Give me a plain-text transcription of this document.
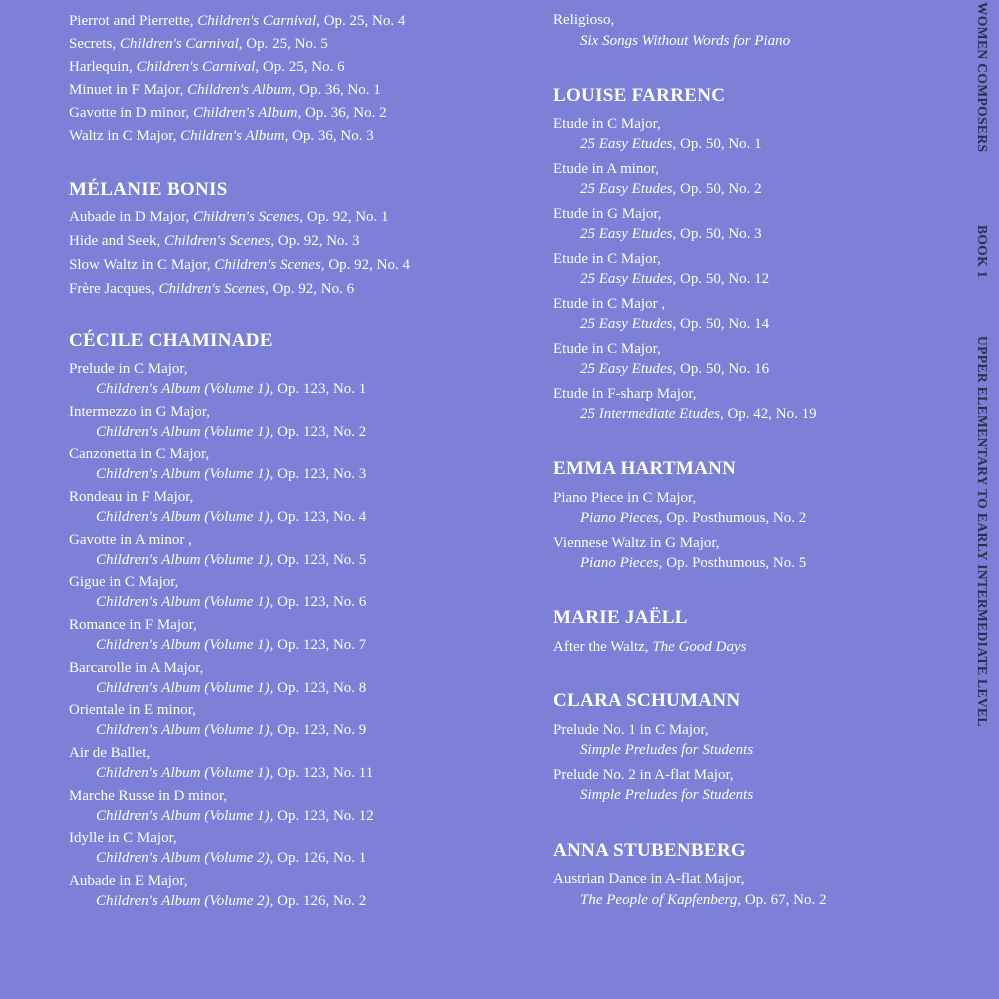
Pierrot and Pierrette, Children's Carnival, Op. 25, No. 4
Secrets, Children's Carnival, Op. 25, No. 5
Harlequin, Children's Carnival, Op. 25, No. 6
Minuet in F Major, Children's Album, Op. 36, No. 1
Gavotte in D minor, Children's Album, Op. 36, No. 2
Waltz in C Major, Children's Album, Op. 36, No. 3
MÉLANIE BONIS
Aubade in D Major, Children's Scenes, Op. 92, No. 1
Hide and Seek, Children's Scenes, Op. 92, No. 3
Slow Waltz in C Major, Children's Scenes, Op. 92, No. 4
Frère Jacques, Children's Scenes, Op. 92, No. 6
CÉCILE CHAMINADE
Prelude in C Major,
Children's Album (Volume 1), Op. 123, No. 1
Intermezzo in G Major,
Children's Album (Volume 1), Op. 123, No. 2
Canzonetta in C Major,
Children's Album (Volume 1), Op. 123, No. 3
Rondeau in F Major,
Children's Album (Volume 1), Op. 123, No. 4
Gavotte in A minor ,
Children's Album (Volume 1), Op. 123, No. 5
Gigue in C Major,
Children's Album (Volume 1), Op. 123, No. 6
Romance in F Major,
Children's Album (Volume 1), Op. 123, No. 7
Barcarolle in A Major,
Children's Album (Volume 1), Op. 123, No. 8
Orientale in E minor,
Children's Album (Volume 1), Op. 123, No. 9
Air de Ballet,
Children's Album (Volume 1), Op. 123, No. 11
Marche Russe in D minor,
Children's Album (Volume 1), Op. 123, No. 12
Idylle in C Major,
Children's Album (Volume 2), Op. 126, No. 1
Aubade in E Major,
Children's Album (Volume 2), Op. 126, No. 2
Religioso,
Six Songs Without Words for Piano
LOUISE FARRENC
Etude in C Major,
25 Easy Etudes, Op. 50, No. 1
Etude in A minor,
25 Easy Etudes, Op. 50, No. 2
Etude in G Major,
25 Easy Etudes, Op. 50, No. 3
Etude in C Major,
25 Easy Etudes, Op. 50, No. 12
Etude in C Major ,
25 Easy Etudes, Op. 50, No. 14
Etude in C Major,
25 Easy Etudes, Op. 50, No. 16
Etude in F-sharp Major,
25 Intermediate Etudes, Op. 42, No. 19
EMMA HARTMANN
Piano Piece in C Major,
Piano Pieces, Op. Posthumous, No. 2
Viennese Waltz in G Major,
Piano Pieces, Op. Posthumous, No. 5
MARIE JAËLL
After the Waltz, The Good Days
CLARA SCHUMANN
Prelude No. 1 in C Major,
Simple Preludes for Students
Prelude No. 2 in A-flat Major,
Simple Preludes for Students
ANNA STUBENBERG
Austrian Dance in A-flat Major,
The People of Kapfenberg, Op. 67, No. 2
WOMEN COMPOSERS
BOOK 1
UPPER ELEMENTARY TO EARLY INTERMEDIATE LEVEL
